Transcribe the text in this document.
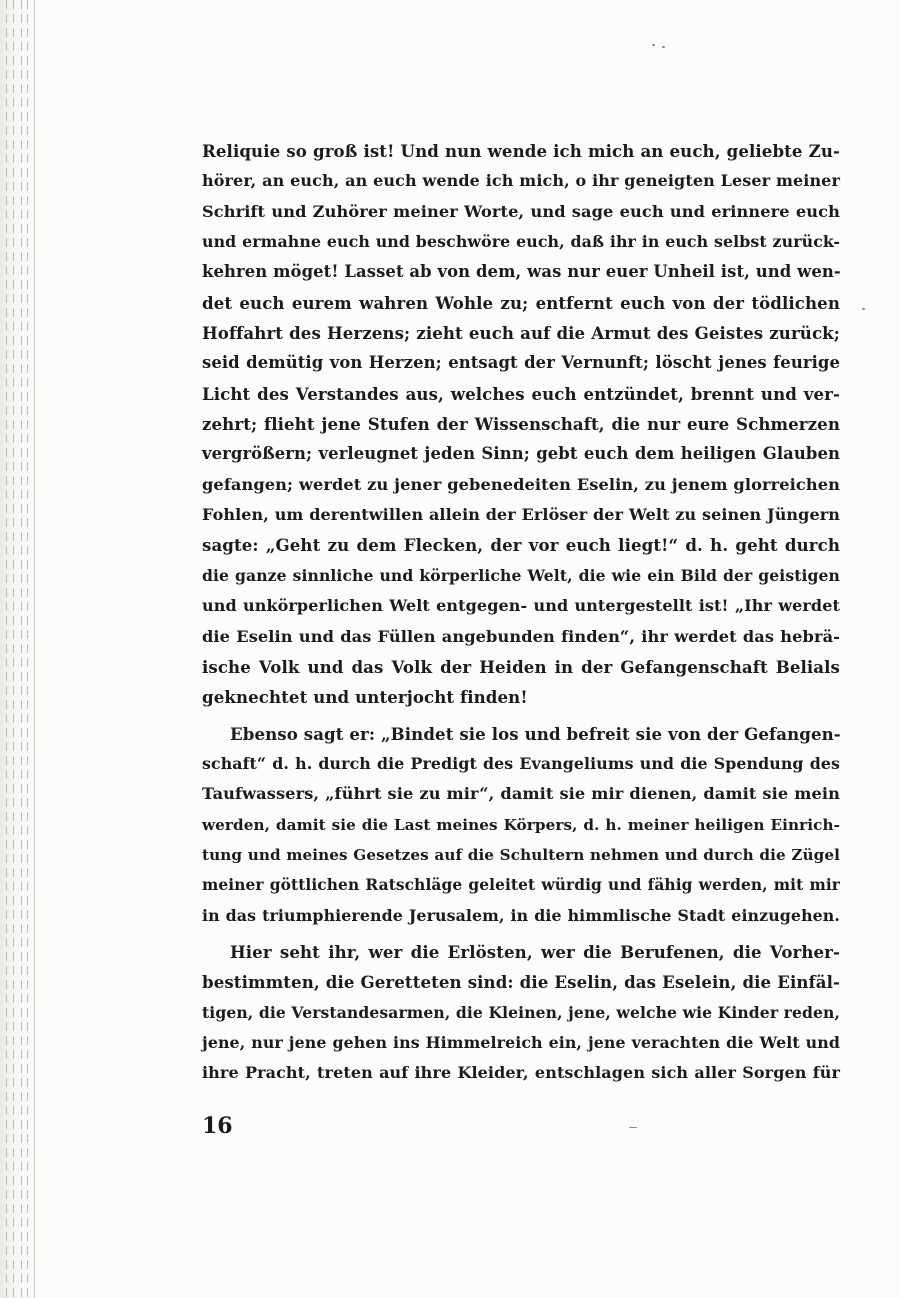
Reliquie so groß ist! Und nun wende ich mich an euch, geliebte Zu-
hörer, an euch, an euch wende ich mich, o ihr geneigten Leser meiner
Schrift und Zuhörer meiner Worte, und sage euch und erinnere euch
und ermahne euch und beschwöre euch, daß ihr in euch selbst zurück-
kehren möget! Lasset ab von dem, was nur euer Unheil ist, und wen-
det euch eurem wahren Wohle zu; entfernt euch von der tödlichen
Hoffahrt des Herzens; zieht euch auf die Armut des Geistes zurück;
seid demütig von Herzen; entsagt der Vernunft; löscht jenes feurige
Licht des Verstandes aus, welches euch entzündet, brennt und ver-
zehrt; flieht jene Stufen der Wissenschaft, die nur eure Schmerzen
vergrößern; verleugnet jeden Sinn; gebt euch dem heiligen Glauben
gefangen; werdet zu jener gebenedeiten Eselin, zu jenem glorreichen
Fohlen, um derentwillen allein der Erlöser der Welt zu seinen Jüngern
sagte: „Geht zu dem Flecken, der vor euch liegt!“ d. h. geht durch
die ganze sinnliche und körperliche Welt, die wie ein Bild der geistigen
und unkörperlichen Welt entgegen- und untergestellt ist! „Ihr werdet
die Eselin und das Füllen angebunden finden“, ihr werdet das hebrä-
ische Volk und das Volk der Heiden in der Gefangenschaft Belials
geknechtet und unterjocht finden!
Ebenso sagt er: „Bindet sie los und befreit sie von der Gefangen-
schaft“ d. h. durch die Predigt des Evangeliums und die Spendung des
Taufwassers, „führt sie zu mir“, damit sie mir dienen, damit sie mein
werden, damit sie die Last meines Körpers, d. h. meiner heiligen Einrich-
tung und meines Gesetzes auf die Schultern nehmen und durch die Zügel
meiner göttlichen Ratschläge geleitet würdig und fähig werden, mit mir
in das triumphierende Jerusalem, in die himmlische Stadt einzugehen.
Hier seht ihr, wer die Erlösten, wer die Berufenen, die Vorher-
bestimmten, die Geretteten sind: die Eselin, das Eselein, die Einfäl-
tigen, die Verstandesarmen, die Kleinen, jene, welche wie Kinder reden,
jene, nur jene gehen ins Himmelreich ein, jene verachten die Welt und
ihre Pracht, treten auf ihre Kleider, entschlagen sich aller Sorgen für
16
